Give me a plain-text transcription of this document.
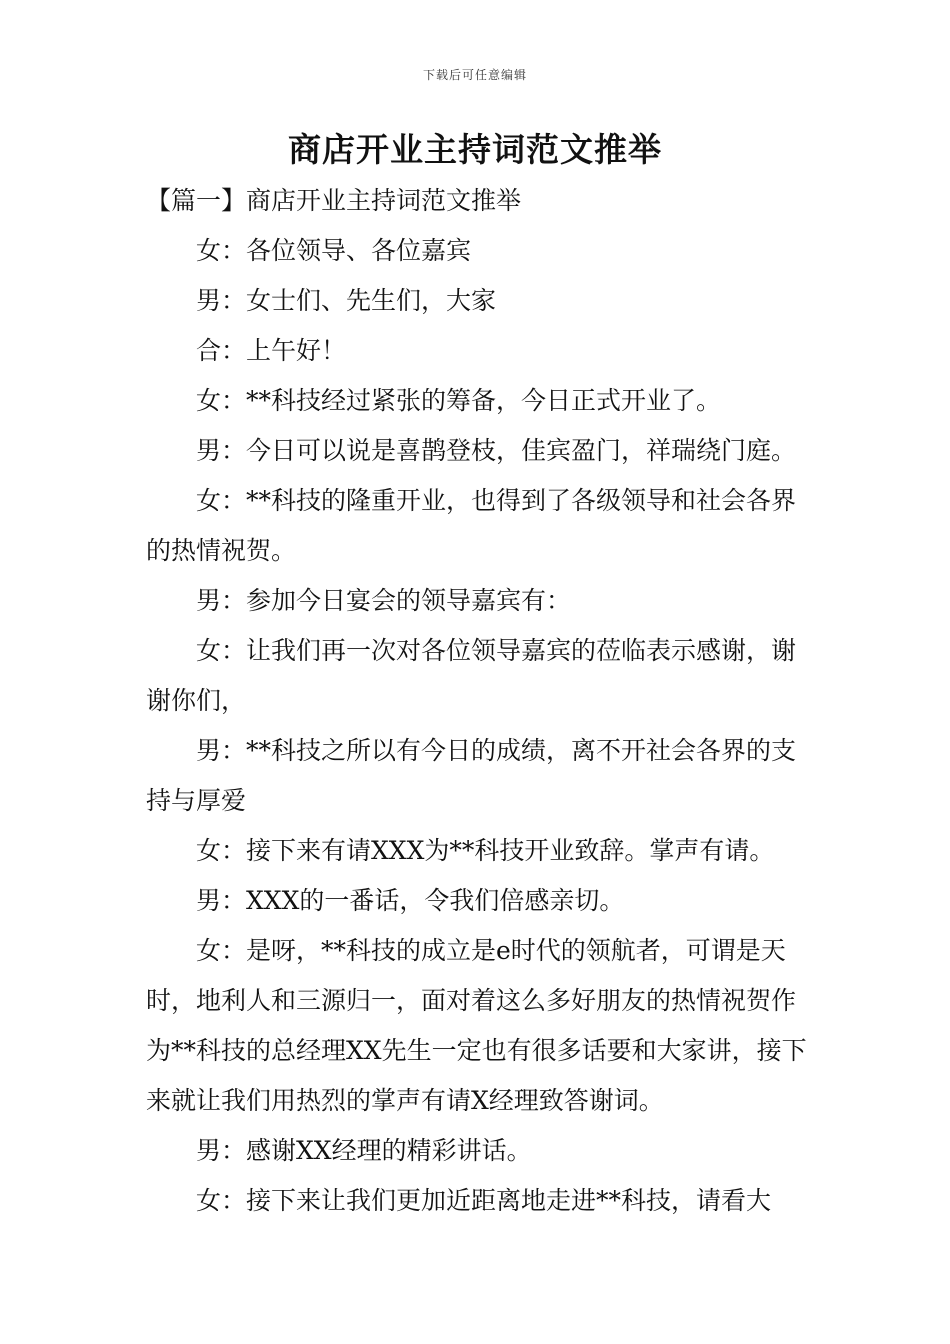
下载后可任意编辑
商店开业主持词范文推举

【篇一】商店开业主持词范文推举

女：各位领导、各位嘉宾

男：女士们、先生们，大家

合：上午好！

女：**科技经过紧张的筹备，今日正式开业了。

男：今日可以说是喜鹊登枝，佳宾盈门，祥瑞绕门庭。

女：**科技的隆重开业，也得到了各级领导和社会各界的热情祝贺。

男：参加今日宴会的领导嘉宾有：

女：让我们再一次对各位领导嘉宾的莅临表示感谢，谢谢你们，

男：**科技之所以有今日的成绩，离不开社会各界的支持与厚爱

女：接下来有请XXX为**科技开业致辞。掌声有请。

男：XXX的一番话，令我们倍感亲切。

女：是呀，**科技的成立是e时代的领航者，可谓是天时，地利人和三源归一，面对着这么多好朋友的热情祝贺作为**科技的总经理XX先生一定也有很多话要和大家讲，接下来就让我们用热烈的掌声有请X经理致答谢词。

男：感谢XX经理的精彩讲话。

女：接下来让我们更加近距离地走进**科技，请看大
